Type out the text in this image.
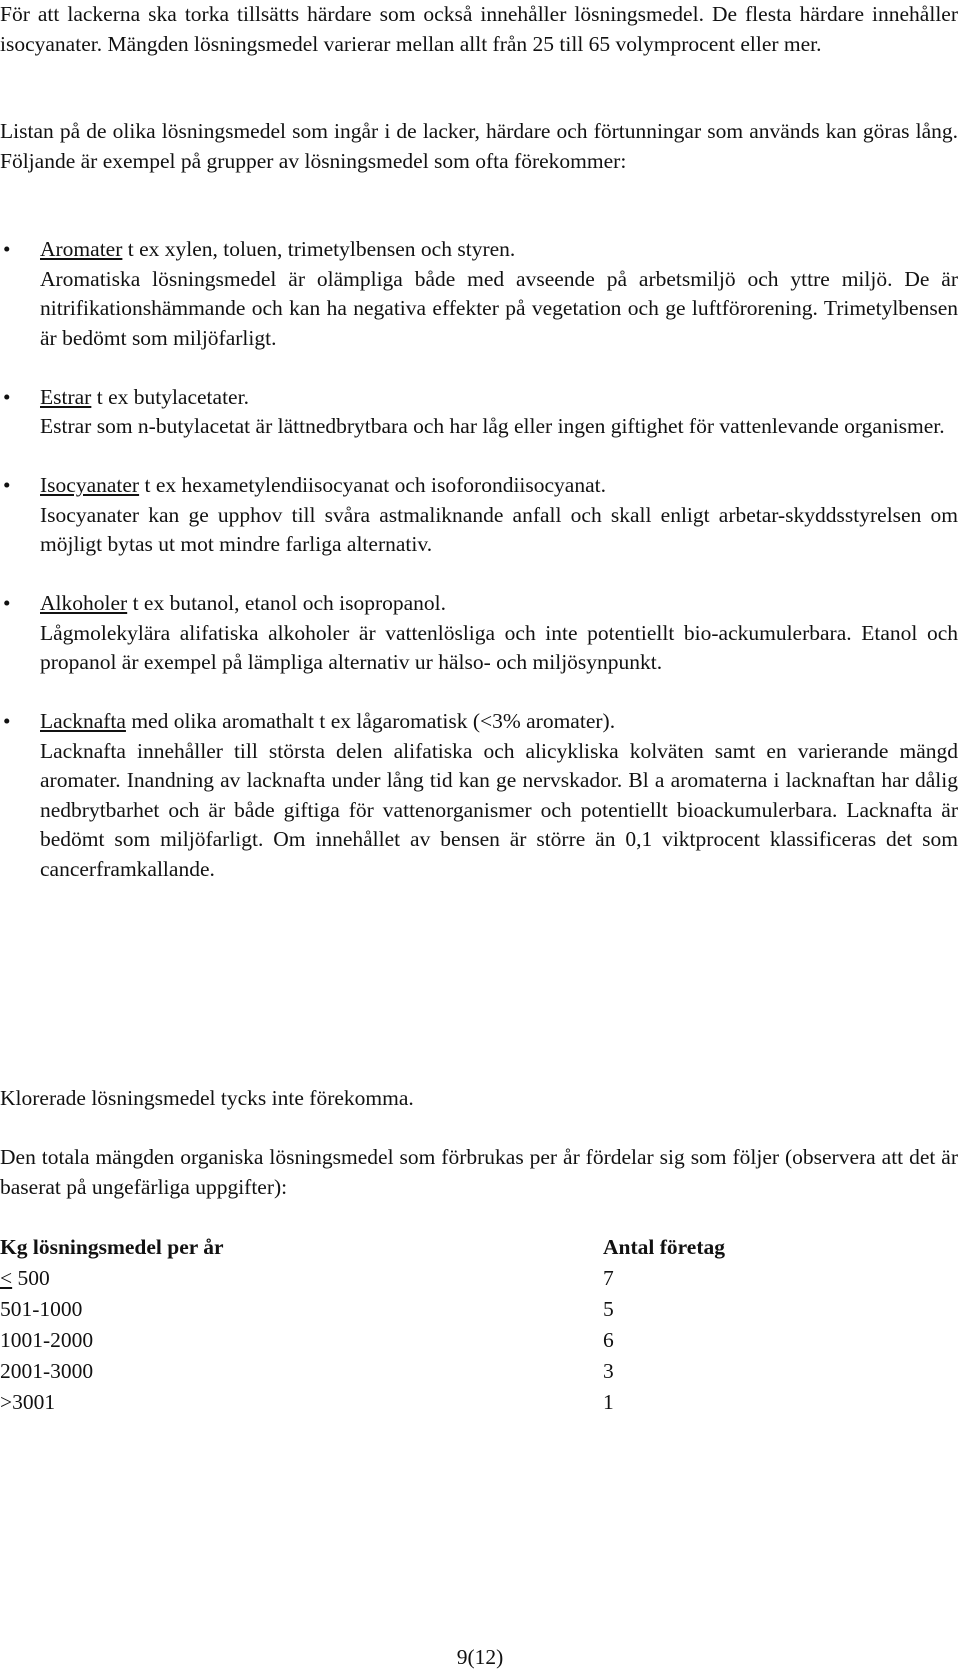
För att lackerna ska torka tillsätts härdare som också innehåller lösningsmedel. De flesta härdare innehåller isocyanater. Mängden lösningsmedel varierar mellan allt från 25 till 65 volymprocent eller mer.
Listan på de olika lösningsmedel som ingår i de lacker, härdare och förtunningar som används kan göras lång. Följande är exempel på grupper av lösningsmedel som ofta förekommer:
• Aromater t ex xylen, toluen, trimetylbensen och styren.
Aromatiska lösningsmedel är olämpliga både med avseende på arbetsmiljö och yttre miljö. De är nitrifikationshämmande och kan ha negativa effekter på vegetation och ge luftförorening. Trimetylbensen är bedömt som miljöfarligt.
• Estrar t ex butylacetater.
Estrar som n-butylacetat är lättnedbrytbara och har låg eller ingen giftighet för vattenlevande organismer.
• Isocyanater t ex hexametylendiisocyanat och isoforondiisocyanat.
Isocyanater kan ge upphov till svåra astmaliknande anfall och skall enligt arbetar-skyddsstyrelsen om möjligt bytas ut mot mindre farliga alternativ.
• Alkoholer t ex butanol, etanol och isopropanol.
Lågmolekylära alifatiska alkoholer är vattenlösliga och inte potentiellt bio-ackumulerbara. Etanol och propanol är exempel på lämpliga alternativ ur hälso- och miljösynpunkt.
• Lacknafta med olika aromathalt t ex lågaromatisk (<3% aromater).
Lacknafta innehåller till största delen alifatiska och alicykliska kolväten samt en varierande mängd aromater. Inandning av lacknafta under lång tid kan ge nervskador. Bl a aromaterna i lacknaftan har dålig nedbrytbarhet och är både giftiga för vattenorganismer och potentiellt bioackumulerbara. Lacknafta är bedömt som miljöfarligt. Om innehållet av bensen är större än 0,1 viktprocent klassificeras det som cancerframkallande.
Klorerade lösningsmedel tycks inte förekomma.
Den totala mängden organiska lösningsmedel som förbrukas per år fördelar sig som följer (observera att det är baserat på ungefärliga uppgifter):
Kg lösningsmedel per år	Antal företag
≤ 500	7
501-1000	5
1001-2000	6
2001-3000	3
>3001	1
9(12)
